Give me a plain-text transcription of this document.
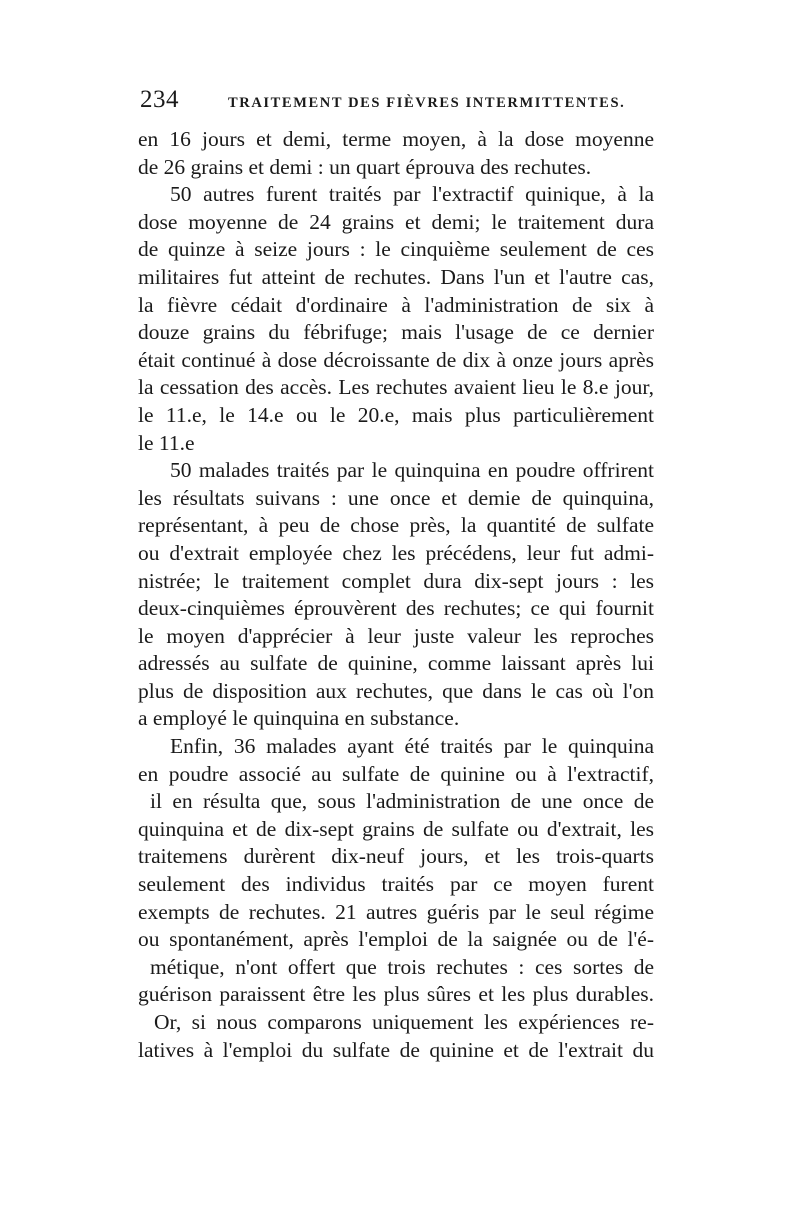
234	TRAITEMENT DES FIÈVRES INTERMITTENTES.
en 16 jours et demi, terme moyen, à la dose moyenne
de 26 grains et demi : un quart éprouva des rechutes.
50 autres furent traités par l'extractif quinique, à la
dose moyenne de 24 grains et demi; le traitement dura
de quinze à seize jours : le cinquième seulement de ces
militaires fut atteint de rechutes. Dans l'un et l'autre cas,
la fièvre cédait d'ordinaire à l'administration de six à
douze grains du fébrifuge; mais l'usage de ce dernier
était continué à dose décroissante de dix à onze jours après
la cessation des accès. Les rechutes avaient lieu le 8.e jour,
le 11.e, le 14.e ou le 20.e, mais plus particulièrement
le 11.e
50 malades traités par le quinquina en poudre offrirent
les résultats suivans : une once et demie de quinquina,
représentant, à peu de chose près, la quantité de sulfate
ou d'extrait employée chez les précédens, leur fut admi-
nistrée; le traitement complet dura dix-sept jours : les
deux-cinquièmes éprouvèrent des rechutes; ce qui fournit
le moyen d'apprécier à leur juste valeur les reproches
adressés au sulfate de quinine, comme laissant après lui
plus de disposition aux rechutes, que dans le cas où l'on
a employé le quinquina en substance.
Enfin, 36 malades ayant été traités par le quinquina
en poudre associé au sulfate de quinine ou à l'extractif,
il en résulta que, sous l'administration de une once de
quinquina et de dix-sept grains de sulfate ou d'extrait, les
traitemens durèrent dix-neuf jours, et les trois-quarts
seulement des individus traités par ce moyen furent
exempts de rechutes. 21 autres guéris par le seul régime
ou spontanément, après l'emploi de la saignée ou de l'é-
métique, n'ont offert que trois rechutes : ces sortes de
guérison paraissent être les plus sûres et les plus durables.
Or, si nous comparons uniquement les expériences re-
latives à l'emploi du sulfate de quinine et de l'extrait du
